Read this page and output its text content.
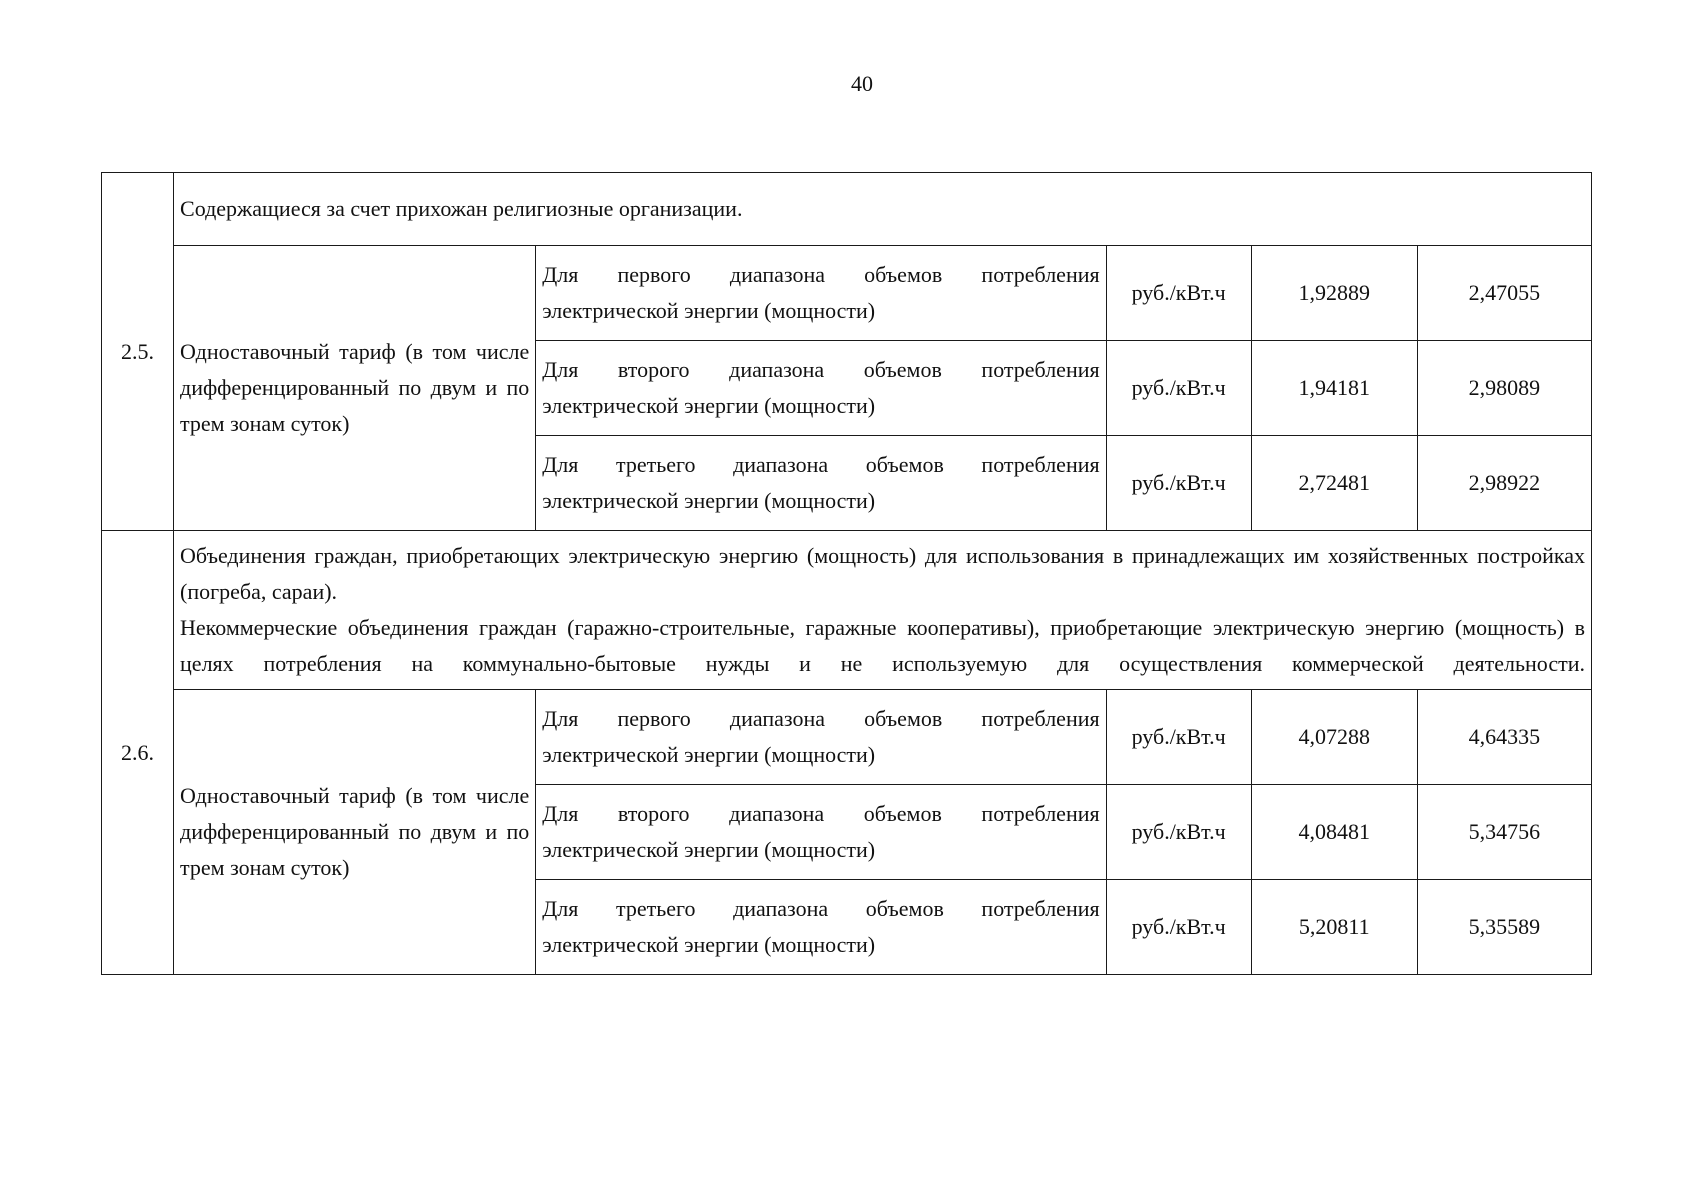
40
2.5.	Содержащиеся за счет прихожан религиозные организации.				

	Одноставочный тариф (в том числе дифференцированный по двум и по трем зонам суток)	Для первого диапазона объемов потребления электрической энергии (мощности)	руб./кВт.ч	1,92889	2,47055
		Для второго диапазона объемов потребления электрической энергии (мощности)	руб./кВт.ч	1,94181	2,98089
		Для третьего диапазона объемов потребления электрической энергии (мощности)	руб./кВт.ч	2,72481	2,98922
2.6.	Объединения граждан, приобретающих электрическую энергию (мощность) для использования в принадлежащих им хозяйственных постройках (погреба, сараи).
Некоммерческие объединения граждан (гаражно-строительные, гаражные кооперативы), приобретающие электрическую энергию (мощность) в целях потребления на коммунально-бытовые нужды и не используемую для осуществления коммерческой деятельности.				

	Одноставочный тариф (в том числе дифференцированный по двум и по трем зонам суток)	Для первого диапазона объемов потребления электрической энергии (мощности)	руб./кВт.ч	4,07288	4,64335
		Для второго диапазона объемов потребления электрической энергии (мощности)	руб./кВт.ч	4,08481	5,34756
		Для третьего диапазона объемов потребления электрической энергии (мощности)	руб./кВт.ч	5,20811	5,35589
